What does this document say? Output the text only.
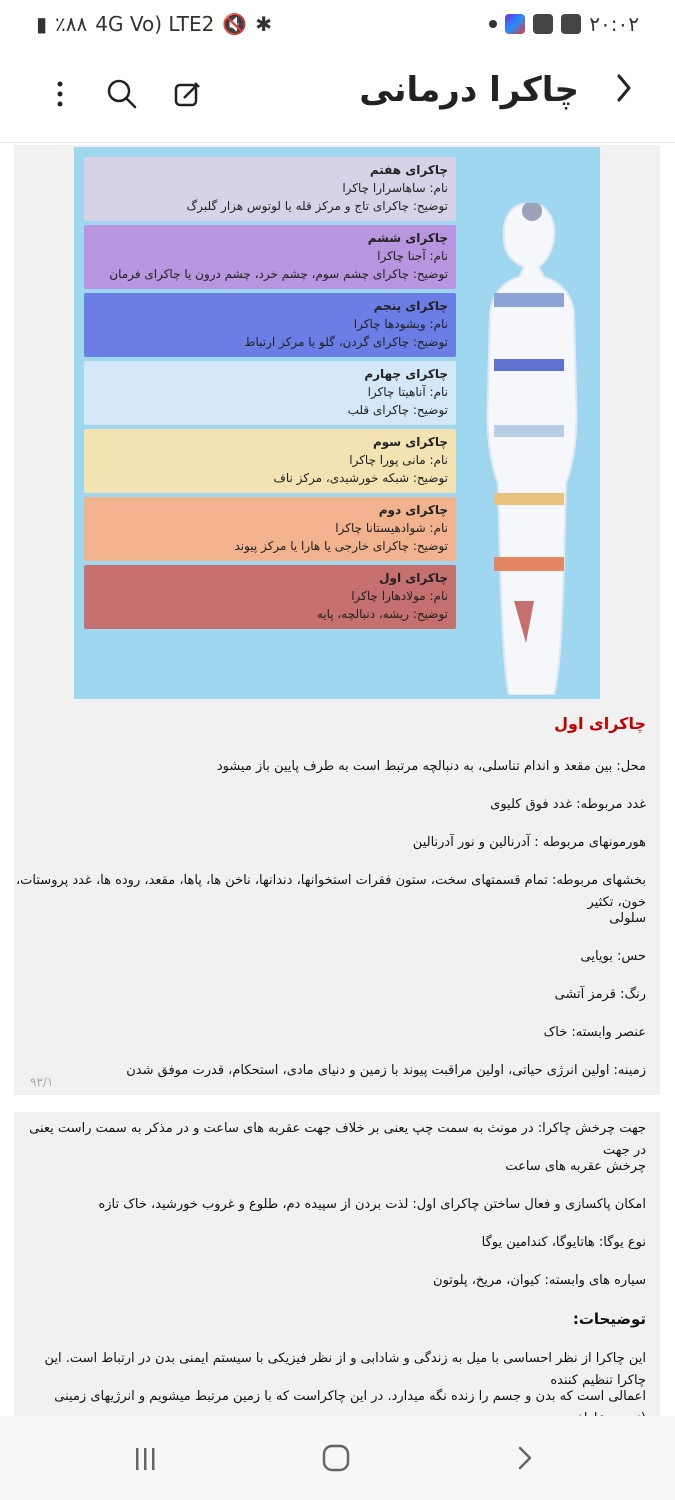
▮ ٪۸۸ 4G Vo) LTE2 🔇 ✱	۲۰:۰۲
چاکرا درمانی
چاکرای هفتم
نام: ساهاسرارا چاکرا
توضیح: چاکرای تاج و مرکز قله یا لوتوس هزار گلبرگ
چاکرای ششم
نام: آجنا چاکرا
توضیح: چاکرای چشم سوم، چشم خرد، چشم درون یا چاکرای فرمان
چاکرای پنجم
نام: ویشودها چاکرا
توضیح: چاکرای گردن، گلو یا مرکز ارتباط
چاکرای چهارم
نام: آناهیتا چاکرا
توضیح: چاکرای قلب
چاکرای سوم
نام: مانی پورا چاکرا
توضیح: شبکه خورشیدی، مرکز ناف
چاکرای دوم
نام: شوادهیستانا چاکرا
توضیح: چاکرای خارجی یا هارا یا مرکز پیوند
چاکرای اول
نام: مولادهارا چاکرا
توضیح: ریشه، دنبالچه، پایه
چاکرای اول
محل: بین مقعد و اندام تناسلی، به دنبالچه مرتبط است به طرف پایین باز میشود
غدد مربوطه: غدد فوق کلیوی
هورمونهای مربوطه : آدرنالین و نور آدرنالین
بخشهای مربوطه: تمام قسمتهای سخت، ستون فقرات استخوانها، دندانها، ناخن ها، پاها، مقعد، روده ها، غدد پروستات، خون، تکثیر
سلولی
حس: بویایی
رنگ: قرمز آتشی
عنصر وابسته: خاک
زمینه: اولین انرژی حیاتی، اولین مراقبت پیوند با زمین و دنیای مادی، استحکام، قدرت موفق شدن
۹۳/۱
جهت چرخش چاکرا: در مونث به سمت چپ یعنی بر خلاف جهت عقربه های ساعت و در مذکر به سمت راست یعنی در جهت
چرخش عقربه های ساعت
امکان پاکسازی و فعال ساختن چاکرای اول: لذت بردن از سپیده دم، طلوع و غروب خورشید، خاک تازه
نوع یوگا: هاتایوگا، کندامین یوگا
سیاره های وابسته: کیوان، مریخ، پلوتون
توضیحات:
این چاکرا از نظر احساسی با میل به زندگی و شادابی و از نظر فیزیکی با سیستم ایمنی بدن در ارتباط است. این چاکرا تنظیم کننده
اعمالی است که بدن و جسم را زنده نگه میدارد. در این چاکراست که با زمین مرتبط میشویم و انرژیهای زمینی
